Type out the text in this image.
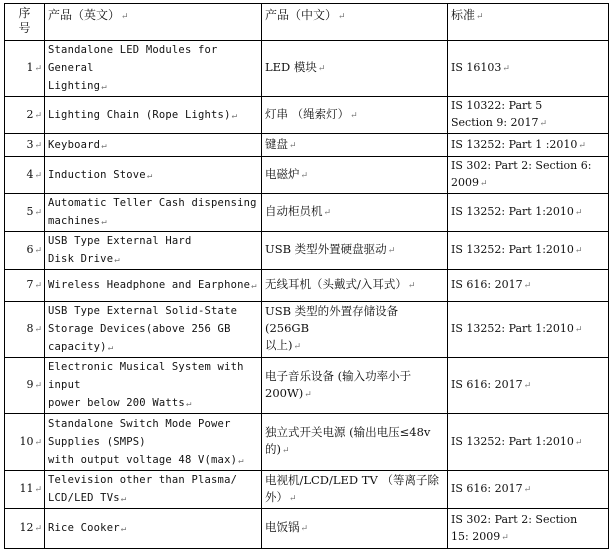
序号	产品（英文）↵	产品（中文）↵	标准↵
1↵	Standalone LED Modules for General
Lighting↵	LED 模块↵	IS 16103↵
2↵	Lighting Chain (Rope Lights)↵	灯串 （绳索灯）↵	IS 10322: Part 5
Section 9: 2017↵
3↵	Keyboard↵	键盘↵	IS 13252: Part 1 :2010↵
4↵	Induction Stove↵	电磁炉↵	IS 302: Part 2: Section 6:
2009↵
5↵	Automatic Teller Cash dispensing
machines↵	自动柜员机↵	IS 13252: Part 1:2010↵
6↵	USB Type External Hard
Disk Drive↵	USB 类型外置硬盘驱动↵	IS 13252: Part 1:2010↵
7↵	Wireless Headphone and Earphone↵	无线耳机（头戴式/入耳式）↵	IS 616: 2017↵
8↵	USB Type External Solid-State
Storage Devices(above 256 GB
capacity)↵	USB 类型的外置存储设备 (256GB
以上)↵	IS 13252: Part 1:2010↵
9↵	Electronic Musical System with input
power below 200 Watts↵	电子音乐设备 (输入功率小于
200W)↵	IS 616: 2017↵
10↵	Standalone Switch Mode Power
Supplies (SMPS)
with output voltage 48 V(max)↵	独立式开关电源 (输出电压≤48v
的)↵	IS 13252: Part 1:2010↵
11↵	Television other than Plasma/
LCD/LED TVs↵	电视机/LCD/LED TV （等离子除
外）↵	IS 616: 2017↵
12↵	Rice Cooker↵	电饭锅↵	IS 302: Part 2: Section
15: 2009↵
